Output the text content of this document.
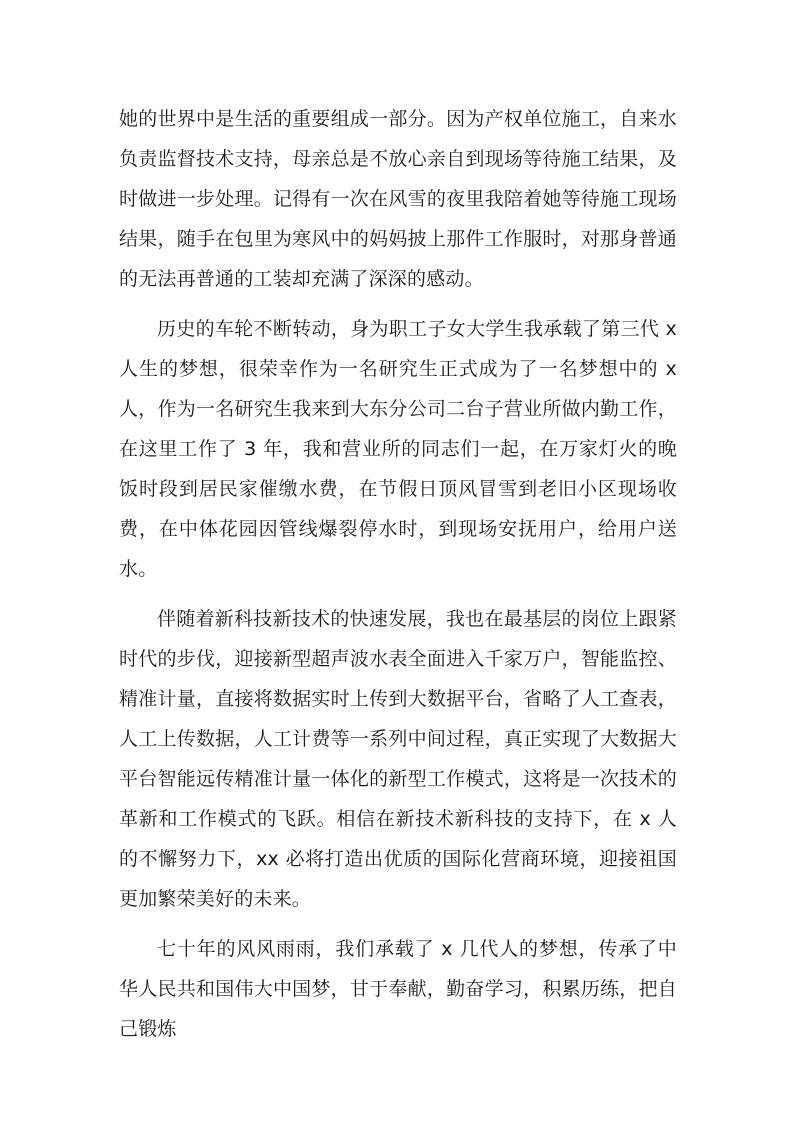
她的世界中是生活的重要组成一部分。因为产权单位施工，自来水负责监督技术支持，母亲总是不放心亲自到现场等待施工结果，及时做进一步处理。记得有一次在风雪的夜里我陪着她等待施工现场结果，随手在包里为寒风中的妈妈披上那件工作服时，对那身普通的无法再普通的工装却充满了深深的感动。

历史的车轮不断转动，身为职工子女大学生我承载了第三代 x 人生的梦想，很荣幸作为一名研究生正式成为了一名梦想中的 x 人，作为一名研究生我来到大东分公司二台子营业所做内勤工作，在这里工作了 3 年，我和营业所的同志们一起，在万家灯火的晚饭时段到居民家催缴水费，在节假日顶风冒雪到老旧小区现场收费，在中体花园因管线爆裂停水时，到现场安抚用户，给用户送水。

伴随着新科技新技术的快速发展，我也在最基层的岗位上跟紧时代的步伐，迎接新型超声波水表全面进入千家万户，智能监控、精准计量，直接将数据实时上传到大数据平台，省略了人工查表，人工上传数据，人工计费等一系列中间过程，真正实现了大数据大平台智能远传精准计量一体化的新型工作模式，这将是一次技术的革新和工作模式的飞跃。相信在新技术新科技的支持下，在 x 人的不懈努力下，xx 必将打造出优质的国际化营商环境，迎接祖国更加繁荣美好的未来。

七十年的风风雨雨，我们承载了 x 几代人的梦想，传承了中华人民共和国伟大中国梦，甘于奉献，勤奋学习，积累历练，把自己锻炼
